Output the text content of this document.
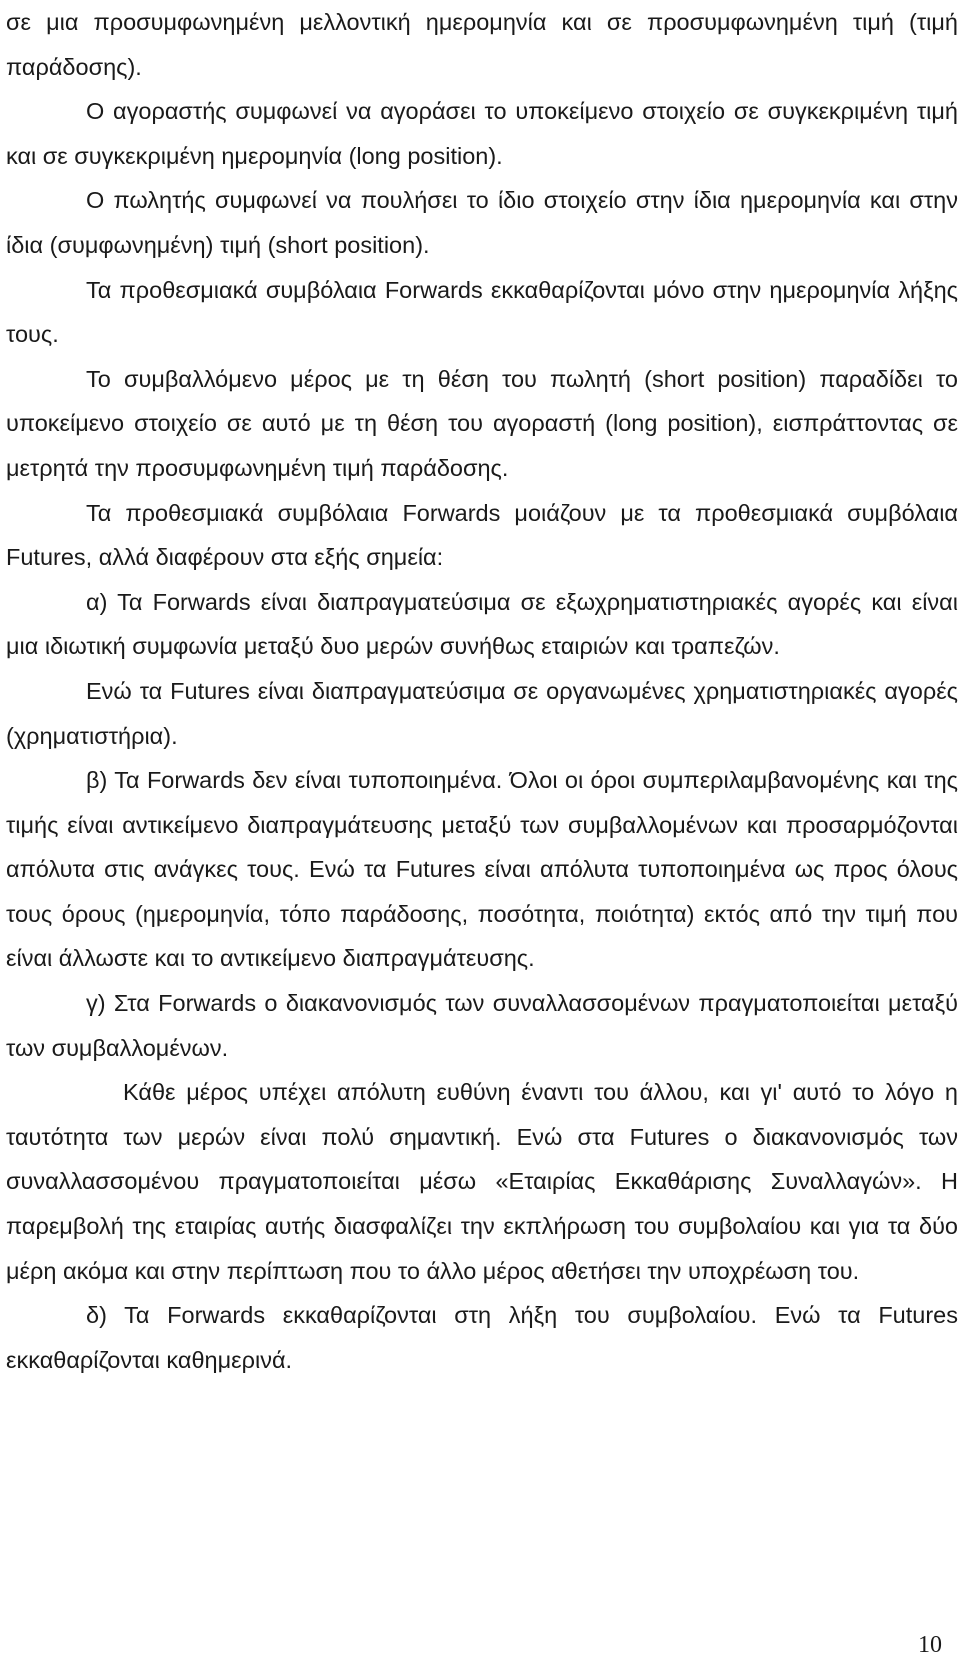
σε μια προσυμφωνημένη μελλοντική ημερομηνία και σε προσυμφωνημένη τιμή (τιμή παράδοσης).

Ο αγοραστής συμφωνεί να αγοράσει το υποκείμενο στοιχείο σε συγκεκριμένη τιμή και σε συγκεκριμένη ημερομηνία (long position).

Ο πωλητής συμφωνεί να πουλήσει το ίδιο στοιχείο στην ίδια ημερομηνία και στην ίδια (συμφωνημένη) τιμή (short position).

Τα προθεσμιακά συμβόλαια Forwards εκκαθαρίζονται μόνο στην ημερομηνία λήξης τους.

Το συμβαλλόμενο μέρος με τη θέση του πωλητή (short position) παραδίδει το υποκείμενο στοιχείο σε αυτό με τη θέση του αγοραστή (long position), εισπράττοντας σε μετρητά την προσυμφωνημένη τιμή παράδοσης.

Τα προθεσμιακά συμβόλαια Forwards μοιάζουν με τα προθεσμιακά συμβόλαια Futures, αλλά διαφέρουν στα εξής σημεία:

α) Τα Forwards είναι διαπραγματεύσιμα σε εξωχρηματιστηριακές αγορές και είναι μια ιδιωτική συμφωνία μεταξύ δυο μερών συνήθως εταιριών και τραπεζών.

Ενώ τα Futures είναι διαπραγματεύσιμα σε οργανωμένες χρηματιστηριακές αγορές (χρηματιστήρια).

β) Τα Forwards δεν είναι τυποποιημένα. Όλοι οι όροι συμπεριλαμβανομένης και της τιμής είναι αντικείμενο διαπραγμάτευσης μεταξύ των συμβαλλομένων και προσαρμόζονται απόλυτα στις ανάγκες τους. Ενώ τα Futures είναι απόλυτα τυποποιημένα ως προς όλους τους όρους (ημερομηνία, τόπο παράδοσης, ποσότητα, ποιότητα) εκτός από την τιμή που είναι άλλωστε και το αντικείμενο διαπραγμάτευσης.

γ) Στα Forwards ο διακανονισμός των συναλλασσομένων πραγματοποιείται μεταξύ των συμβαλλομένων.

Κάθε μέρος υπέχει απόλυτη ευθύνη έναντι του άλλου, και γι' αυτό το λόγο η ταυτότητα των μερών είναι πολύ σημαντική. Ενώ στα Futures ο διακανονισμός των συναλλασσομένου πραγματοποιείται μέσω «Εταιρίας Εκκαθάρισης Συναλλαγών». Η παρεμβολή της εταιρίας αυτής διασφαλίζει την εκπλήρωση του συμβολαίου και για τα δύο μέρη ακόμα και στην περίπτωση που το άλλο μέρος αθετήσει την υποχρέωση του.

δ) Τα Forwards εκκαθαρίζονται στη λήξη του συμβολαίου. Ενώ τα Futures εκκαθαρίζονται καθημερινά.

10
